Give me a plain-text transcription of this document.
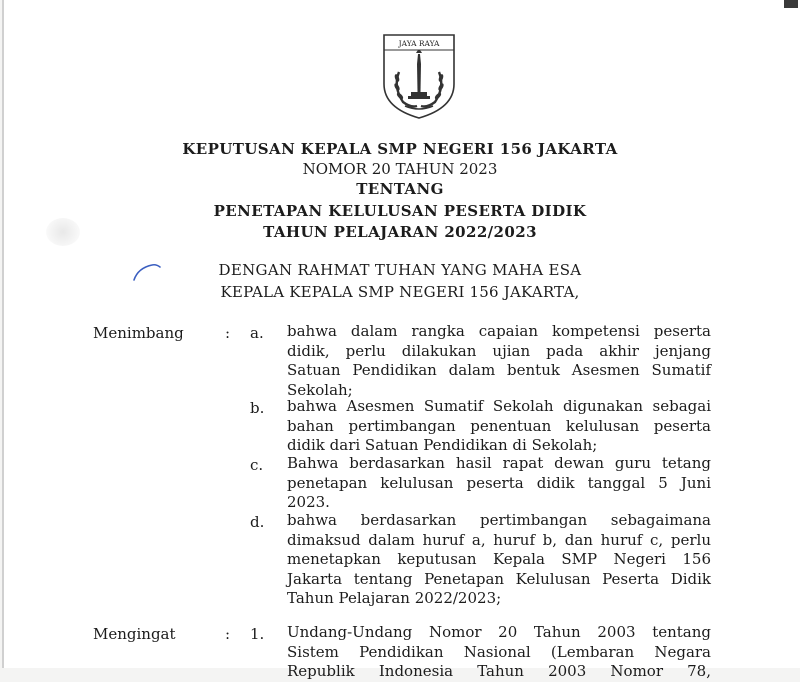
JAYA RAYA
KEPUTUSAN KEPALA SMP NEGERI 156 JAKARTA
NOMOR 20 TAHUN 2023
TENTANG
PENETAPAN KELULUSAN PESERTA DIDIK
TAHUN PELAJARAN 2022/2023
DENGAN RAHMAT TUHAN YANG MAHA ESA
KEPALA KEPALA SMP NEGERI 156 JAKARTA,
Menimbang	: a. bahwa dalam rangka capaian kompetensi peserta
didik, perlu dilakukan ujian pada akhir jenjang
Satuan Pendidikan dalam bentuk Asesmen Sumatif
Sekolah;
b. bahwa Asesmen Sumatif Sekolah digunakan sebagai
bahan pertimbangan penentuan kelulusan peserta
didik dari Satuan Pendidikan di Sekolah;
c. Bahwa berdasarkan hasil rapat dewan guru tetang
penetapan kelulusan peserta didik tanggal 5 Juni
2023.
d. bahwa berdasarkan pertimbangan sebagaimana
dimaksud dalam huruf a, huruf b, dan huruf c, perlu
menetapkan keputusan Kepala SMP Negeri 156
Jakarta tentang Penetapan Kelulusan Peserta Didik
Tahun Pelajaran 2022/2023;
Mengingat	: 1. Undang-Undang Nomor 20 Tahun 2003 tentang
Sistem Pendidikan Nasional (Lembaran Negara
Republik Indonesia Tahun 2003 Nomor 78,
